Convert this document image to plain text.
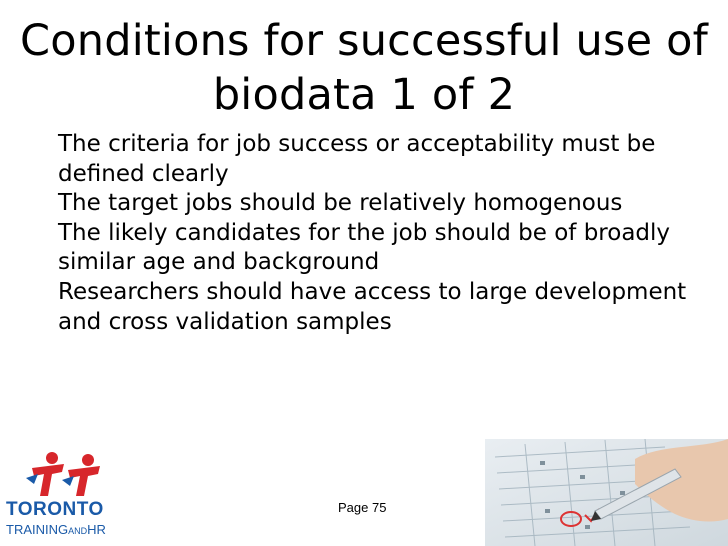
Conditions for successful use of biodata 1 of 2
The criteria for job success or acceptability must be defined clearly
The target jobs should be relatively homogenous
The likely candidates for the job should be of broadly similar age and background
Researchers should have access to large development and cross validation samples
TORONTO
TRAININGANDHR
Page 75
